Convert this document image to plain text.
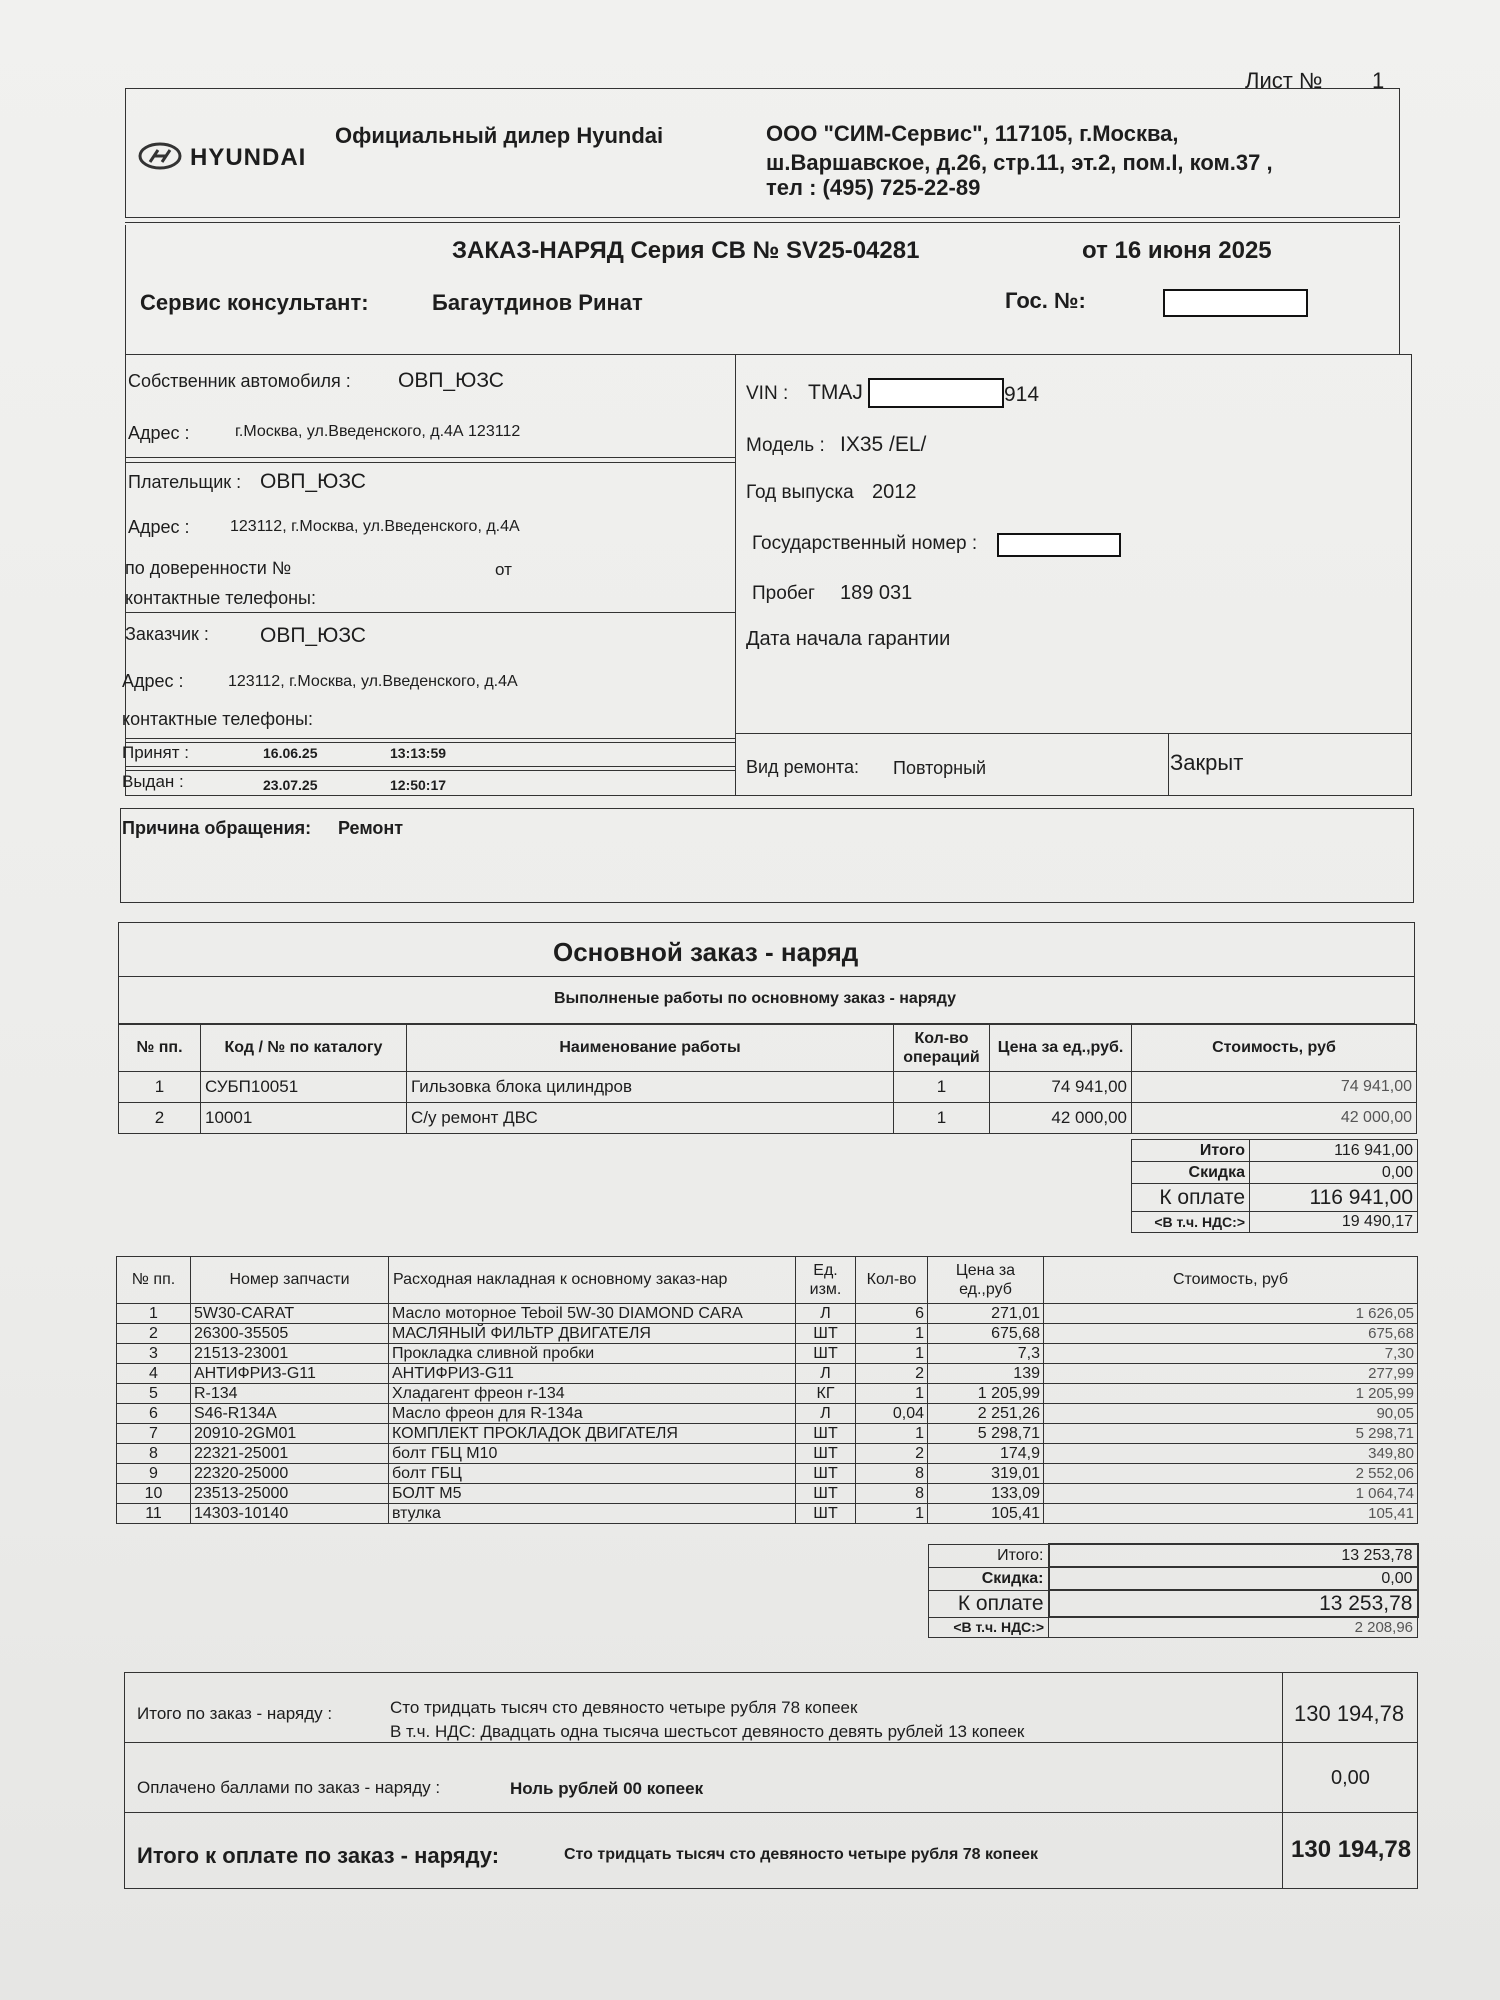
Лист № 1
HYUNDAI
Официальный дилер Hyundai	ООО "СИМ-Сервис", 117105, г.Москва,
ш.Варшавское, д.26, стр.11, эт.2, пом.I, ком.37 ,
тел : (495) 725-22-89
ЗАКАЗ-НАРЯД Серия СВ № SV25-04281	от 16 июня 2025
Сервис консультант:	Багаутдинов Ринат	Гос. №:
Собственник автомобиля : ОВП_ЮЗС
Адрес :	г.Москва, ул.Введенского, д.4А 123112
Плательщик : ОВП_ЮЗС
Адрес :	123112, г.Москва, ул.Введенского, д.4А
по доверенности №	от
контактные телефоны:
Заказчик : ОВП_ЮЗС
Адрес :	123112, г.Москва, ул.Введенского, д.4А
контактные телефоны:
Принят :	16.06.25	13:13:59
Выдан :	23.07.25	12:50:17
VIN : TMAJ	914
Модель : IX35 /EL/
Год выпуска 2012
Государственный номер :
Пробег 189 031
Дата начала гарантии
Вид ремонта: Повторный	Закрыт
Причина обращения: Ремонт
Основной заказ - наряд
Выполненые работы по основному заказ - наряду
№ пп.	Код / № по каталогу	Наименование работы	Кол-во операций	Цена за ед.,руб.	Стоимость, руб
1	СУБП10051	Гильзовка блока цилиндров	1	74 941,00	74 941,00
2	10001	С/у ремонт ДВС	1	42 000,00	42 000,00
Итого	116 941,00
Скидка	0,00
К оплате	116 941,00
<В т.ч. НДС:>	19 490,17
№ пп.	Номер запчасти	Расходная накладная к основному заказ-нар	Ед. изм.	Кол-во	Цена за ед.,руб	Стоимость, руб
1	5W30-CARAT	Масло моторное Teboil 5W-30 DIAMOND CARA	Л	6	271,01	1 626,05
2	26300-35505	МАСЛЯНЫЙ ФИЛЬТР ДВИГАТЕЛЯ	ШТ	1	675,68	675,68
3	21513-23001	Прокладка сливной пробки	ШТ	1	7,3	7,30
4	АНТИФРИЗ-G11	АНТИФРИЗ-G11	Л	2	139	277,99
5	R-134	Хладагент фреон r-134	КГ	1	1 205,99	1 205,99
6	S46-R134A	Масло фреон для R-134a	Л	0,04	2 251,26	90,05
7	20910-2GM01	КОМПЛЕКТ ПРОКЛАДОК ДВИГАТЕЛЯ	ШТ	1	5 298,71	5 298,71
8	22321-25001	болт ГБЦ М10	ШТ	2	174,9	349,80
9	22320-25000	болт ГБЦ	ШТ	8	319,01	2 552,06
10	23513-25000	БОЛТ М5	ШТ	8	133,09	1 064,74
11	14303-10140	втулка	ШТ	1	105,41	105,41
Итого:	13 253,78
Скидка:	0,00
К оплате	13 253,78
<В т.ч. НДС:>	2 208,96
Итого по заказ - наряду :	Сто тридцать тысяч сто девяносто четыре рубля 78 копеек
В т.ч. НДС: Двадцать одна тысяча шестьсот девяносто девять рублей 13 копеек
130 194,78
Оплачено баллами по заказ - наряду :	Ноль рублей 00 копеек	0,00
Итого к оплате по заказ - наряду:	Сто тридцать тысяч сто девяносто четыре рубля 78 копеек	130 194,78
